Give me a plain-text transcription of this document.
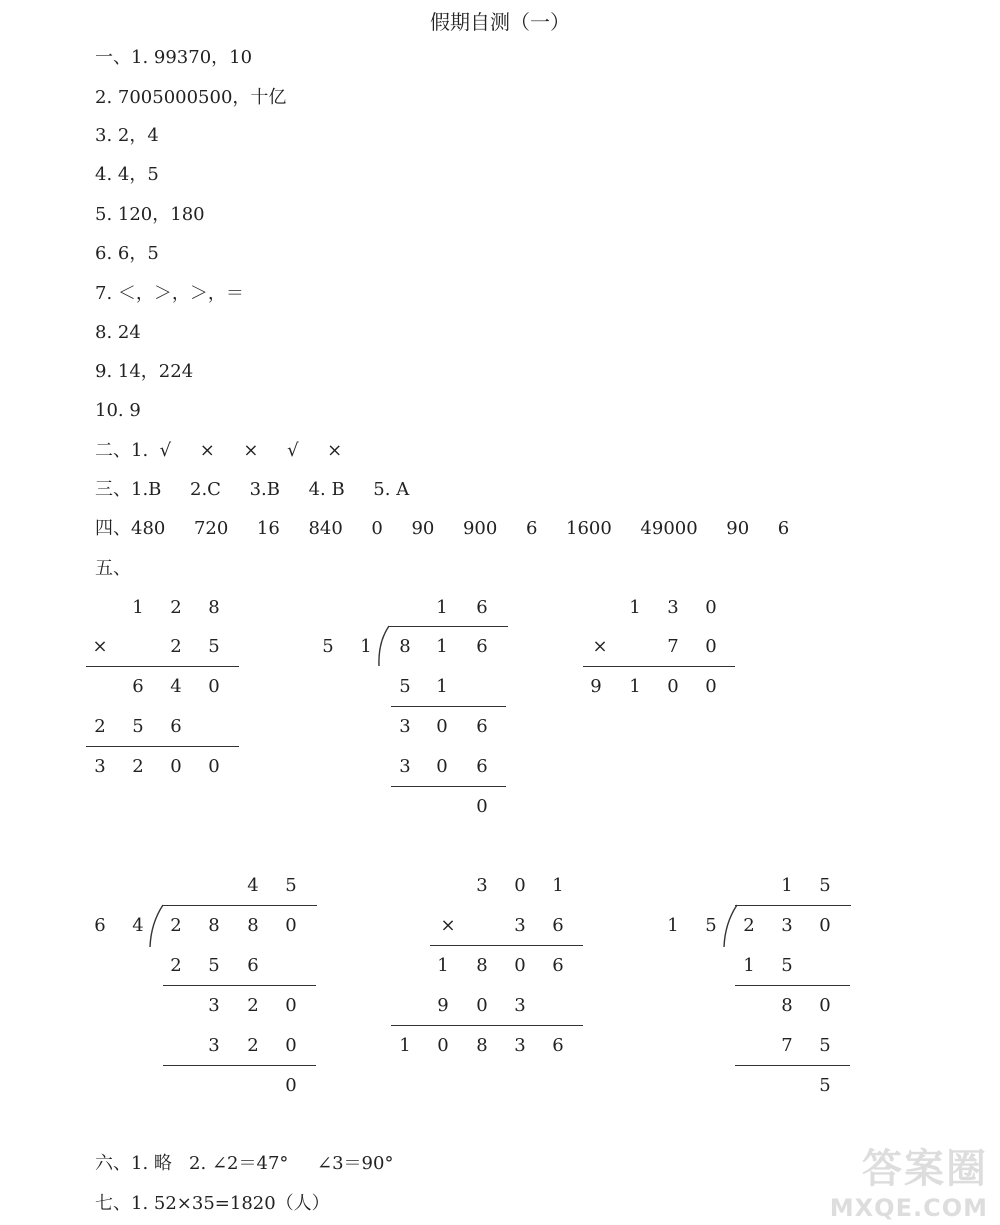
假期自测（一）
一、1. 99370，10
2. 7005000500，十亿
3. 2，4
4. 4，5
5. 120，180
6. 6，5
7. ＜，＞，＞，＝
8. 24
9. 14，224
10. 9
二、1.  √     ×     ×     √     ×
三、1.B     2.C     3.B     4. B     5. A
四、480     720     16     840     0     90     900     6     1600     49000     90     6
五、
1 2 8
×	2 5
6 4 0
2 5 6
3 2 0 0
1 6
5 1 8 1 6
5 1
3 0 6
3 0 6
0
1 3 0
×	7 0
9 1 0 0
4 5
6 4 2 8 8 0
2 5 6
3 2 0
3 2 0
0
3 0 1
×	3 6
1 8 0 6
9 0 3
1 0 8 3 6
1 5
1 5 2 3 0
1 5
8 0
7 5
5
六、1. 略   2. ∠2＝47°     ∠3＝90°
七、1. 52×35=1820（人）
答案圈
MXQE.COM
